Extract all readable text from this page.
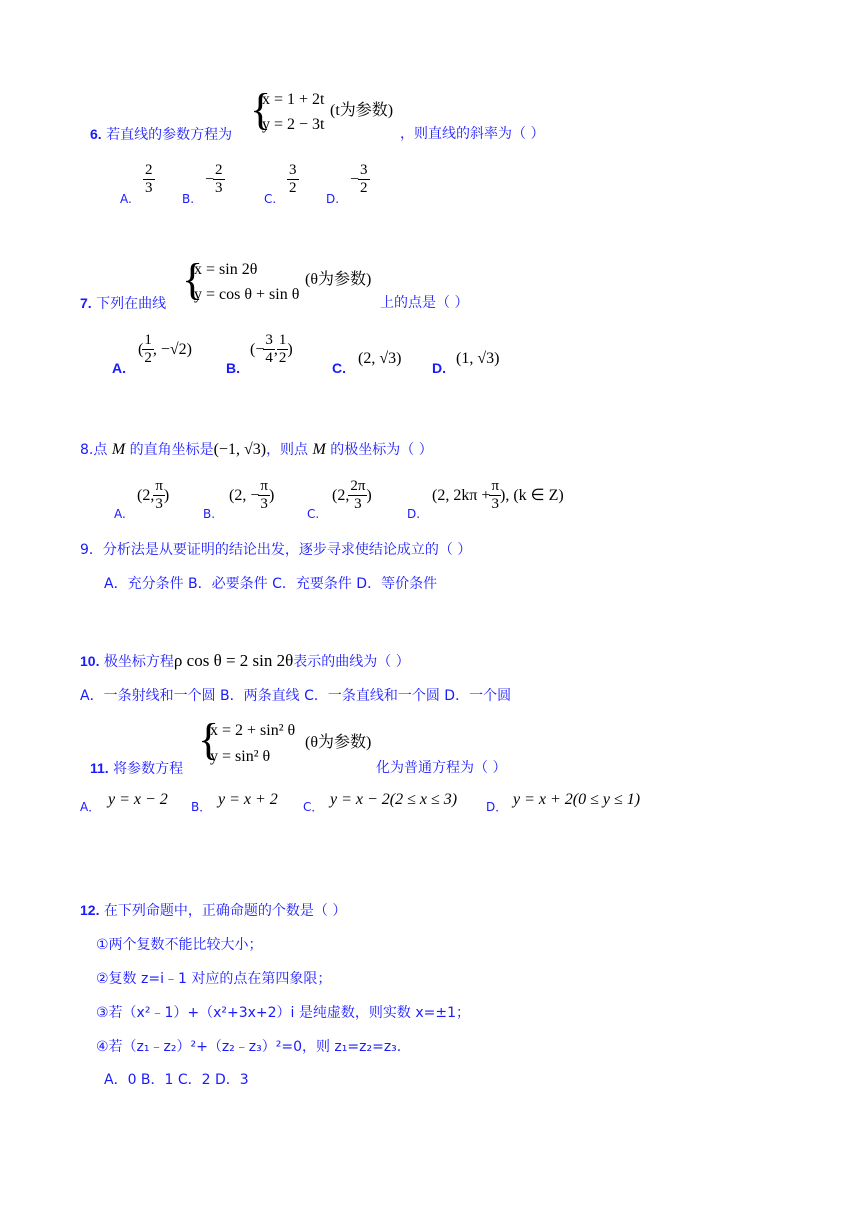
{
x = 1 + 2t
y = 2 − 3t
(t为参数)
6. 若直线的参数方程为	，则直线的斜率为（ ）
A.
$\frac{2}{3}$
B.
− $\frac{2}{3}$
C.
$\frac{3}{2}$
D.
− $\frac{3}{2}$
{
x = sin 2θ
y = cos θ + sin θ
(θ为参数)
7. 下列在曲线	上的点是（ ）
A.
( $\frac{1}{2}$ , −√2)
B.
(− $\frac{3}{4}$ , $\frac{1}{2}$ )
C.
(2, √3)
D.
(1, √3)
8.点 M 的直角坐标是(−1, √3)，则点 M 的极坐标为（ ）
A.
(2, $\frac{\pi}{3}$ )
B.
(2, − $\frac{\pi}{3}$ )
C.
(2, $\frac{2\pi}{3}$ )
D.
(2, $2k\pi + \frac{\pi}{3}$ ), (k ∈ Z)
9．分析法是从要证明的结论出发，逐步寻求使结论成立的（ ）
A．充分条件 B．必要条件 C．充要条件 D．等价条件
10. 极坐标方程ρ cos θ = 2 sin 2θ表示的曲线为（ ）
A．一条射线和一个圆 B．两条直线 C．一条直线和一个圆 D．一个圆
{
x = 2 + sin² θ
y = sin² θ
(θ为参数)
11. 将参数方程	化为普通方程为（ ）
A． y = x − 2 B． y = x + 2 C． y = x − 2(2 ≤ x ≤ 3) D． y = x + 2(0 ≤ y ≤ 1)
12. 在下列命题中，正确命题的个数是（ ）
①两个复数不能比较大小；
②复数 z=i﹣1 对应的点在第四象限；
③若（x²﹣1）+（x²+3x+2）i 是纯虚数，则实数 x=±1；
④若（z₁﹣z₂）²+（z₂﹣z₃）²=0，则 z₁=z₂=z₃.
A．0 B．1 C．2 D．3
